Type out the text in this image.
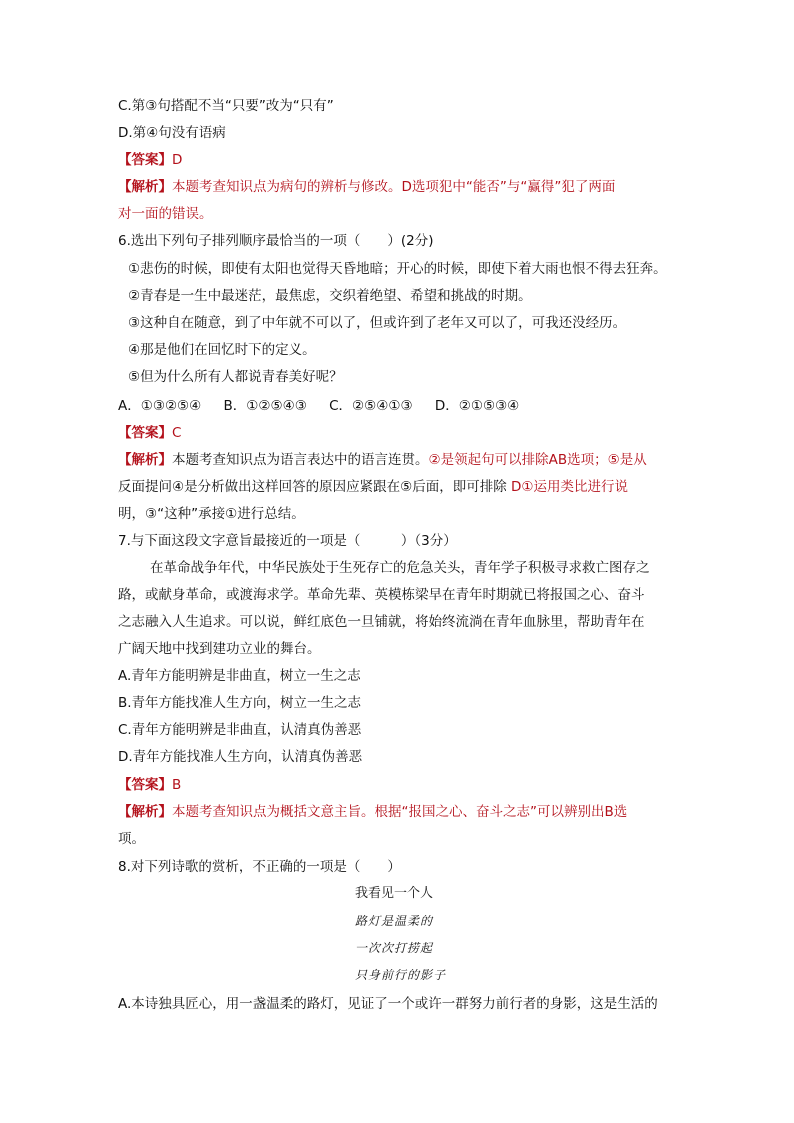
C.第③句搭配不当“只要”改为“只有”
D.第④句没有语病
【答案】D
【解析】本题考查知识点为病句的辨析与修改。D选项犯中“能否”与“赢得”犯了两面
对一面的错误。
6.选出下列句子排列顺序最恰当的一项（　　）(2分)
①悲伤的时候，即使有太阳也觉得天昏地暗；开心的时候，即使下着大雨也恨不得去狂奔。
②青春是一生中最迷茫，最焦虑，交织着绝望、希望和挑战的时期。
③这种自在随意，到了中年就不可以了，但或许到了老年又可以了，可我还没经历。
④那是他们在回忆时下的定义。
⑤但为什么所有人都说青春美好呢？
A．①③②⑤④ B．①②⑤④③ C．②⑤④①③ D．②①⑤③④
【答案】C
【解析】本题考查知识点为语言表达中的语言连贯。②是领起句可以排除AB选项；⑤是从
反面提问④是分析做出这样回答的原因应紧跟在⑤后面，即可排除 D①运用类比进行说
明，③“这种”承接①进行总结。
7.与下面这段文字意旨最接近的一项是（　　　）（3分）
在革命战争年代，中华民族处于生死存亡的危急关头，青年学子积极寻求救亡图存之
路，或献身革命，或渡海求学。革命先辈、英模栋梁早在青年时期就已将报国之心、奋斗
之志融入人生追求。可以说，鲜红底色一旦铺就，将始终流淌在青年血脉里，帮助青年在
广阔天地中找到建功立业的舞台。
A.青年方能明辨是非曲直，树立一生之志
B.青年方能找准人生方向，树立一生之志
C.青年方能明辨是非曲直，认清真伪善恶
D.青年方能找准人生方向，认清真伪善恶
【答案】B
【解析】本题考查知识点为概括文意主旨。根据“报国之心、奋斗之志”可以辨别出B选
项。
8.对下列诗歌的赏析，不正确的一项是（　　）
我看见一个人
路灯是温柔的
一次次打捞起
只身前行的影子
A.本诗独具匠心，用一盏温柔的路灯，见证了一个或许一群努力前行者的身影，这是生活的
